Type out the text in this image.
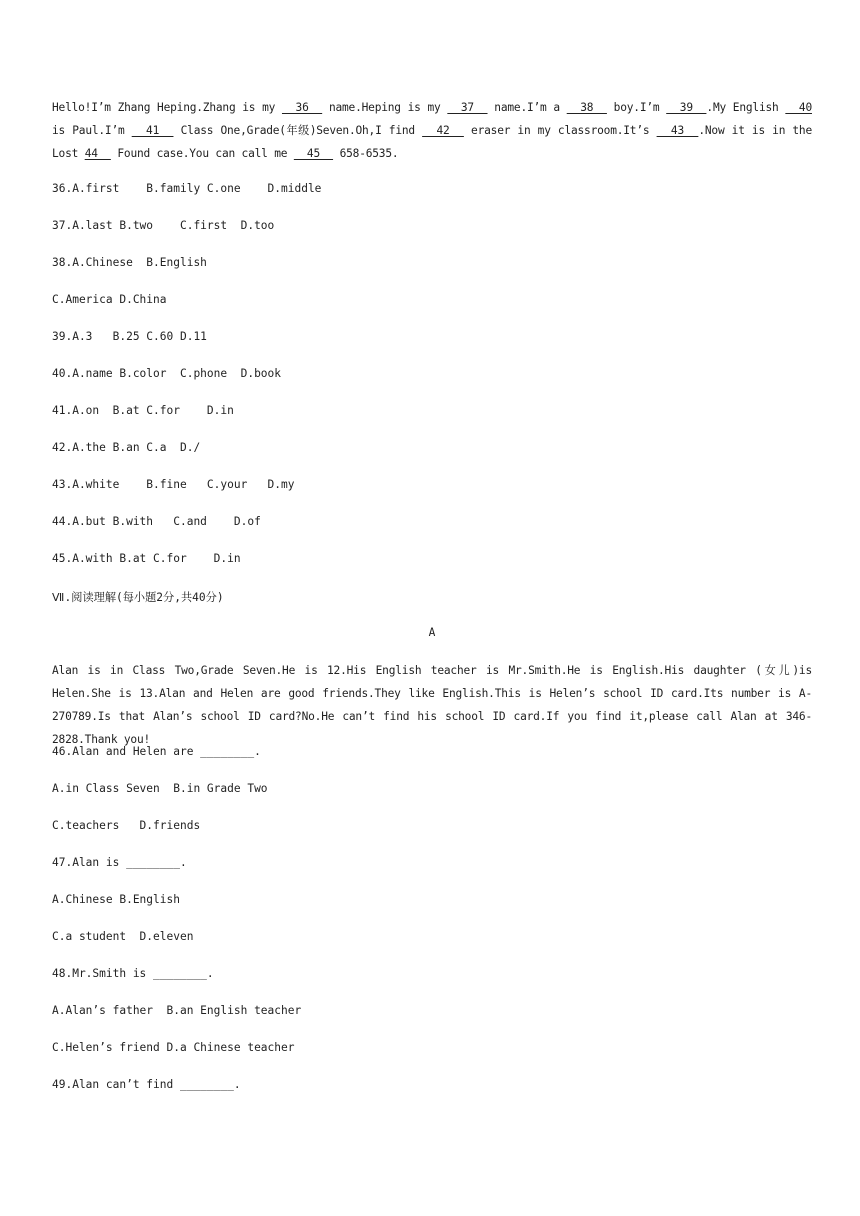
Hello!I’m Zhang Heping.Zhang is my   36   name.Heping is my   37   name.I’m a   38   boy.I’m   39  .My English   40 is Paul.I’m   41   Class One,Grade(年级)Seven.Oh,I find   42   eraser in my classroom.It’s   43  .Now it is in the Lost 44   Found case.You can call me   45   658-6535.
36.A.first    B.family C.one    D.middle
37.A.last B.two    C.first  D.too
38.A.Chinese  B.English
C.America D.China
39.A.3   B.25 C.60 D.11
40.A.name B.color  C.phone  D.book
41.A.on  B.at C.for    D.in
42.A.the B.an C.a  D./
43.A.white    B.fine   C.your   D.my
44.A.but B.with   C.and    D.of
45.A.with B.at C.for    D.in
Ⅶ.阅读理解(每小题2分,共40分)
A
Alan is in Class Two,Grade Seven.He is 12.His English teacher is Mr.Smith.He is English.His daughter (女儿)is Helen.She is 13.Alan and Helen are good friends.They like English.This is Helen’s school ID card.Its number is A-270789.Is that Alan’s school ID card?No.He can’t find his school ID card.If you find it,please call Alan at 346-2828.Thank you!
46.Alan and Helen are ________.
A.in Class Seven  B.in Grade Two
C.teachers   D.friends
47.Alan is ________.
A.Chinese B.English
C.a student  D.eleven
48.Mr.Smith is ________.
A.Alan’s father  B.an English teacher
C.Helen’s friend D.a Chinese teacher
49.Alan can’t find ________.
